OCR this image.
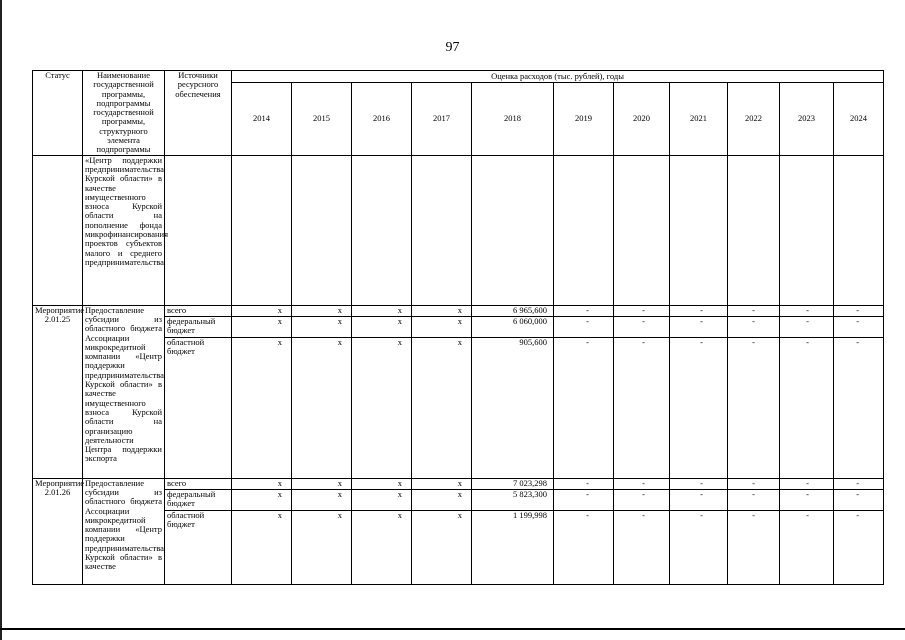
97
Статус	Наименование государственной программы, подпрограммы государственной программы, структурного элемента подпрограммы	Источники ресурсного обеспечения	Оценка расходов (тыс. рублей), годы										
			2014	2015	2016	2017	2018	2019	2020	2021	2022	2023	2024
	«Центр поддержки предпринимательства Курской области» в качестве имущественного взноса Курской области на пополнение фонда микрофинансирования проектов субъектов малого и среднего предпринимательства												
Мероприятие 2.01.25	Предоставление субсидии из областного бюджета Ассоциации микрокредитной компании «Центр поддержки предпринимательства Курской области» в качестве имущественного взноса Курской области на организацию деятельности Центра поддержки экспорта	всего	x	x	x	x	6 965,600	-	-	-	-	-	-
		федеральный бюджет	x	x	x	x	6 060,000	-	-	-	-	-	-
		областной бюджет	x	x	x	x	905,600	-	-	-	-	-	-
Мероприятие 2.01.26	Предоставление субсидии из областного бюджета Ассоциации микрокредитной компании «Центр поддержки предпринимательства Курской области» в качестве	всего	x	x	x	x	7 023,298	-	-	-	-	-	-
		федеральный бюджет	x	x	x	x	5 823,300	-	-	-	-	-	-
		областной бюджет	x	x	x	x	1 199,998	-	-	-	-	-	-
